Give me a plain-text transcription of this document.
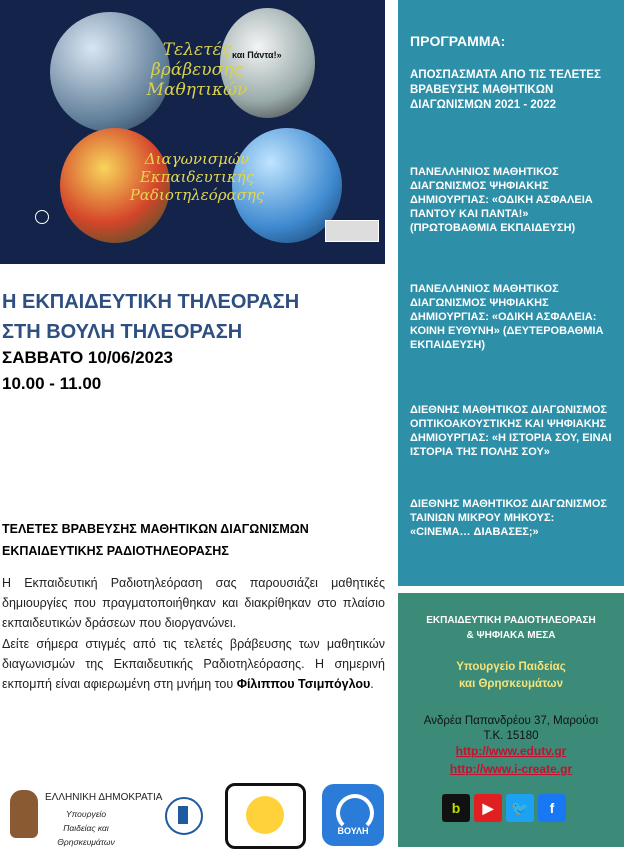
και Πάντα!»
Τελετές
βράβευσης
Μαθητικών
Διαγωνισμών
Εκπαιδευτικής
Ραδιοτηλεόρασης
Η ΕΚΠΑΙΔΕΥΤΙΚΗ ΤΗΛΕΟΡΑΣΗ
ΣΤΗ ΒΟΥΛΗ ΤΗΛΕΟΡΑΣΗ
ΣΑΒΒΑΤΟ 10/06/2023
10.00 - 11.00
ΤΕΛΕΤΕΣ ΒΡΑΒΕΥΣΗΣ ΜΑΘΗΤΙΚΩΝ ΔΙΑΓΩΝΙΣΜΩΝ ΕΚΠΑΙΔΕΥΤΙΚΗΣ ΡΑΔΙΟΤΗΛΕΟΡΑΣΗΣ
Η Εκπαιδευτική Ραδιοτηλεόραση σας παρουσιάζει μαθητικές δημιουργίες που πραγματοποιήθηκαν και διακρίθηκαν στο πλαίσιο εκπαιδευτικών δράσεων που διοργανώνει.
Δείτε σήμερα στιγμές από τις τελετές βράβευσης των μαθητικών διαγωνισμών της Εκπαιδευτικής Ραδιοτηλεόρασης. Η σημερινή εκπομπή είναι αφιερωμένη στη μνήμη του Φίλιππου Τσιμπόγλου.
ΕΛΛΗΝΙΚΗ ΔΗΜΟΚΡΑΤΙΑ
Υπουργείο Παιδείας και Θρησκευμάτων
ΒΟΥΛΗ
ΠΡΟΓΡΑΜΜΑ:
ΑΠΟΣΠΑΣΜΑΤΑ ΑΠΟ ΤΙΣ ΤΕΛΕΤΕΣ ΒΡΑΒΕΥΣΗΣ ΜΑΘΗΤΙΚΩΝ ΔΙΑΓΩΝΙΣΜΩΝ 2021 - 2022
ΠΑΝΕΛΛΗΝΙΟΣ ΜΑΘΗΤΙΚΟΣ ΔΙΑΓΩΝΙΣΜΟΣ ΨΗΦΙΑΚΗΣ ΔΗΜΙΟΥΡΓΙΑΣ: «ΟΔΙΚΗ ΑΣΦΑΛΕΙΑ ΠΑΝΤΟΥ ΚΑΙ ΠΑΝΤΑ!» (ΠΡΩΤΟΒΑΘΜΙΑ ΕΚΠΑΙΔΕΥΣΗ)
ΠΑΝΕΛΛΗΝΙΟΣ ΜΑΘΗΤΙΚΟΣ ΔΙΑΓΩΝΙΣΜΟΣ ΨΗΦΙΑΚΗΣ ΔΗΜΙΟΥΡΓΙΑΣ: «ΟΔΙΚΗ ΑΣΦΑΛΕΙΑ: ΚΟΙΝΗ ΕΥΘΥΝΗ» (ΔΕΥΤΕΡΟΒΑΘΜΙΑ ΕΚΠΑΙΔΕΥΣΗ)
ΔΙΕΘΝΗΣ ΜΑΘΗΤΙΚΟΣ ΔΙΑΓΩΝΙΣΜΟΣ ΟΠΤΙΚΟΑΚΟΥΣΤΙΚΗΣ ΚΑΙ ΨΗΦΙΑΚΗΣ ΔΗΜΙΟΥΡΓΙΑΣ: «Η ΙΣΤΟΡΙΑ ΣΟΥ, ΕΙΝΑΙ ΙΣΤΟΡΙΑ ΤΗΣ ΠΟΛΗΣ ΣΟΥ»
ΔΙΕΘΝΗΣ ΜΑΘΗΤΙΚΟΣ ΔΙΑΓΩΝΙΣΜΟΣ ΤΑΙΝΙΩΝ ΜΙΚΡΟΥ ΜΗΚΟΥΣ: «CINEMA… ΔΙΑΒΑΣΕΣ;»
ΕΚΠΑΙΔΕΥΤΙΚΗ ΡΑΔΙΟΤΗΛΕΟΡΑΣΗ
& ΨΗΦΙΑΚΑ ΜΕΣΑ
Υπουργείο Παιδείας
και Θρησκευμάτων
Ανδρέα Παπανδρέου 37, Μαρούσι
Τ.Κ. 15180
http://www.edutv.gr
http://www.i-create.gr
b	▶	🐦	f
